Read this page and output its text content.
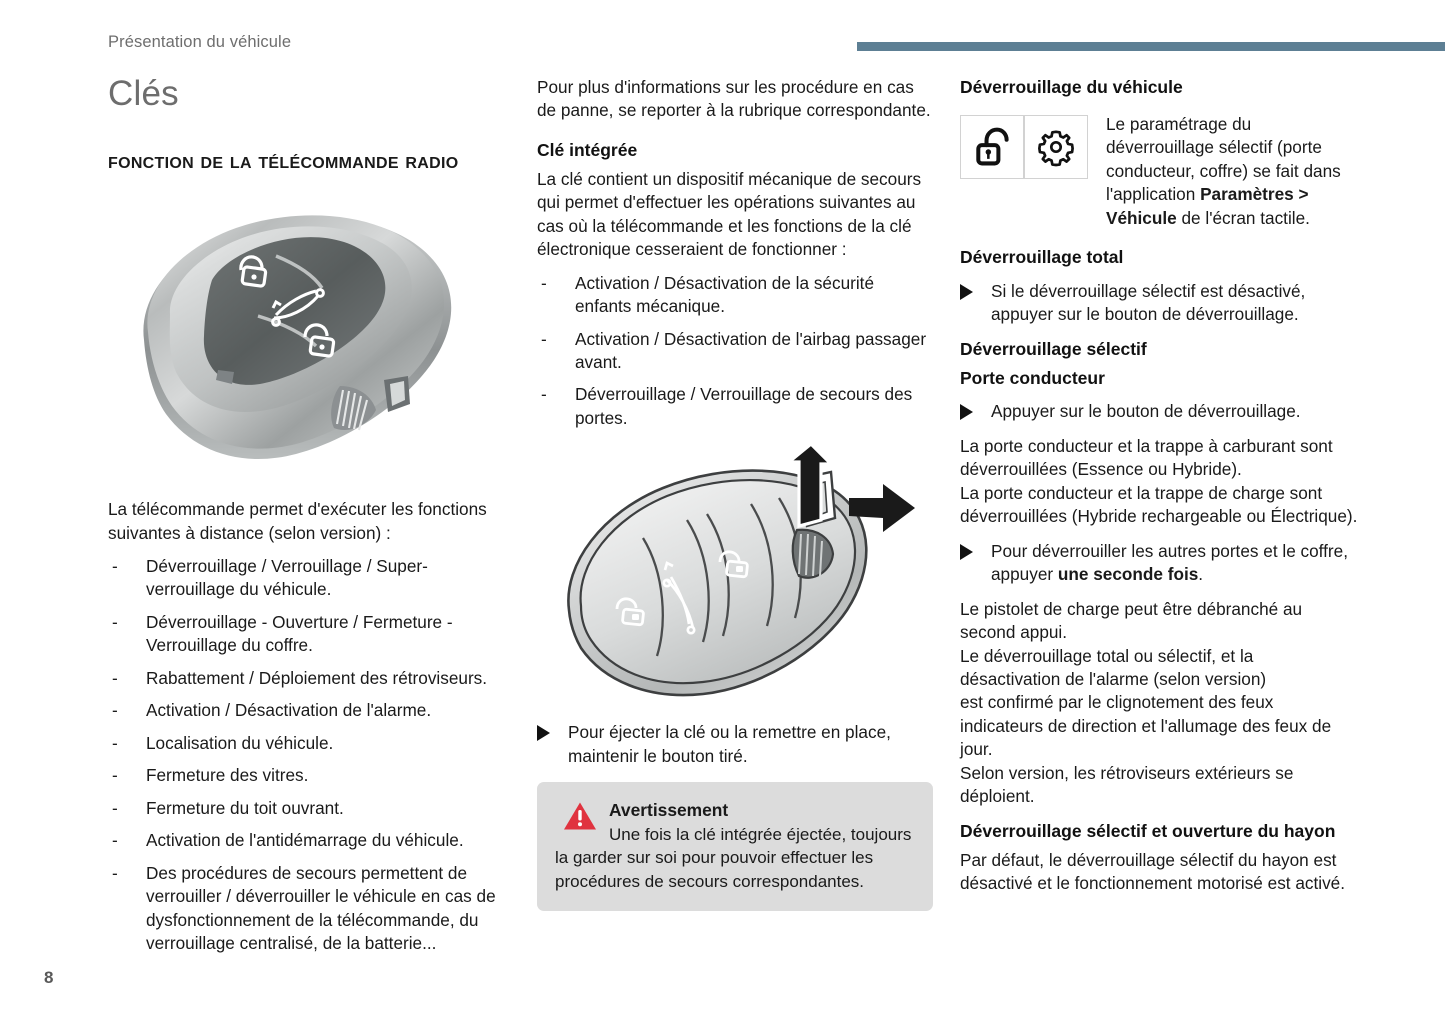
Présentation du véhicule
8
Clés
fonction de la télécommande radio

La télécommande permet d'exécuter les fonctions suivantes à distance (selon version) :

- Déverrouillage / Verrouillage / Super-verrouillage du véhicule.
- Déverrouillage - Ouverture / Fermeture - Verrouillage du coffre.
- Rabattement / Déploiement des rétroviseurs.
- Activation / Désactivation de l'alarme.
- Localisation du véhicule.
- Fermeture des vitres.
- Fermeture du toit ouvrant.
- Activation de l'antidémarrage du véhicule.
- Des procédures de secours permettent de verrouiller / déverrouiller le véhicule en cas de dysfonctionnement de la télécommande, du verrouillage centralisé, de la batterie...

Pour plus d'informations sur les procédure en cas de panne, se reporter à la rubrique correspondante.

Clé intégrée

La clé contient un dispositif mécanique de secours qui permet d'effectuer les opérations suivantes au cas où la télécommande et les fonctions de la clé électronique cesseraient de fonctionner :

- Activation / Désactivation de la sécurité enfants mécanique.
- Activation / Désactivation de l'airbag passager avant.
- Déverrouillage / Verrouillage de secours des portes.
Pour éjecter la clé ou la remettre en place, maintenir le bouton tiré.
Avertissement
Une fois la clé intégrée éjectée, toujours la garder sur soi pour pouvoir effectuer les procédures de secours correspondantes.
Déverrouillage du véhicule
Le paramétrage du déverrouillage sélectif (porte conducteur, coffre) se fait dans l'application Paramètres > Véhicule de l'écran tactile.
Déverrouillage total
Si le déverrouillage sélectif est désactivé, appuyer sur le bouton de déverrouillage.
Déverrouillage sélectif
Porte conducteur
Appuyer sur le bouton de déverrouillage.

La porte conducteur et la trappe à carburant sont déverrouillées (Essence ou Hybride).

La porte conducteur et la trappe de charge sont déverrouillées (Hybride rechargeable ou Électrique).

Pour déverrouiller les autres portes et le coffre, appuyer une seconde fois.

Le pistolet de charge peut être débranché au second appui.

Le déverrouillage total ou sélectif, et la désactivation de l'alarme (selon version)

est confirmé par le clignotement des feux indicateurs de direction et l'allumage des feux de jour.

Selon version, les rétroviseurs extérieurs se déploient.

Déverrouillage sélectif et ouverture du hayon

Par défaut, le déverrouillage sélectif du hayon est désactivé et le fonctionnement motorisé est activé.
